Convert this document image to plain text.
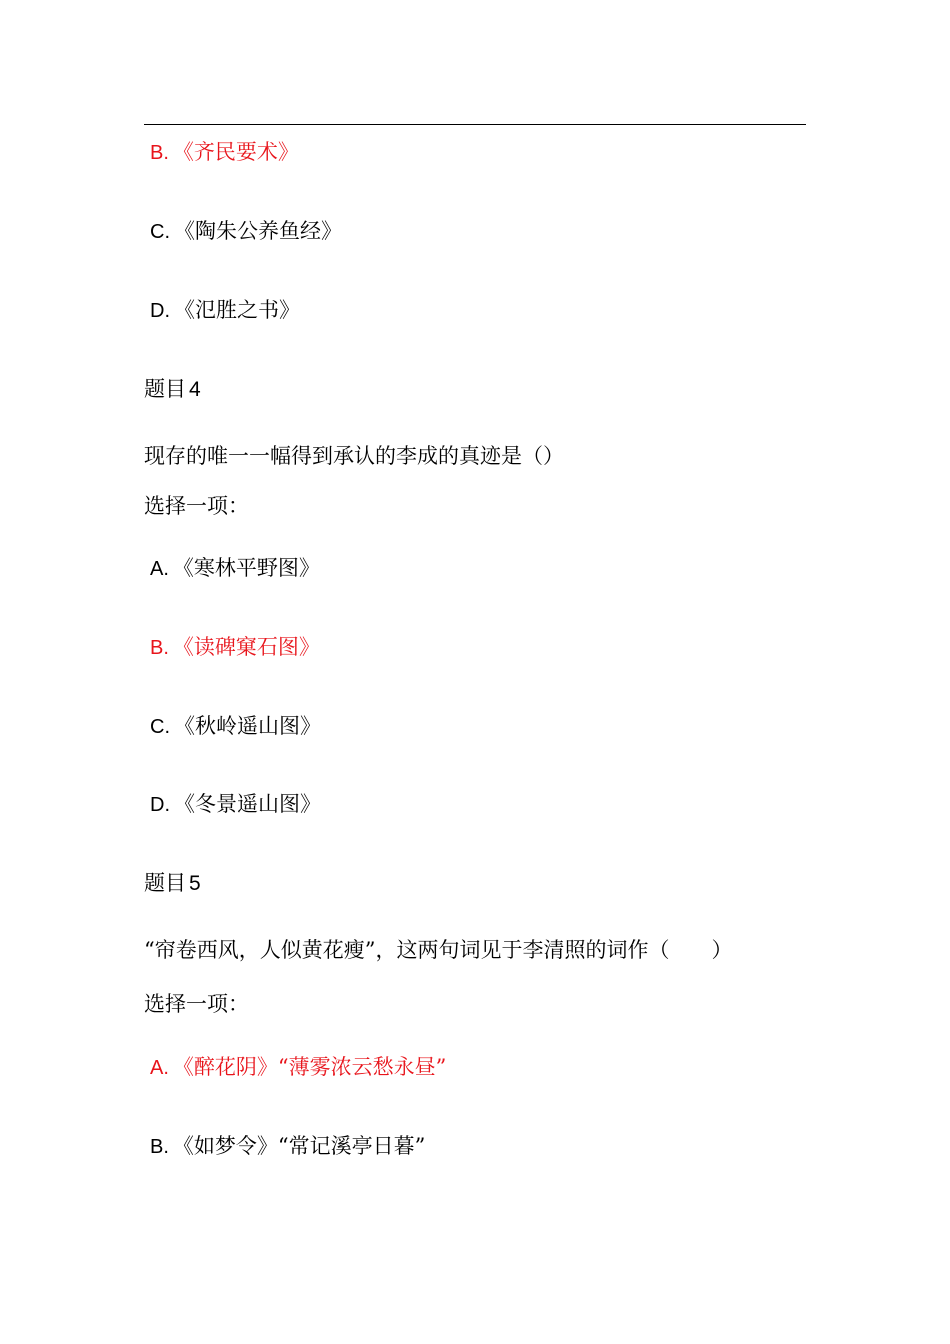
B. 《齐民要术》
C. 《陶朱公养鱼经》
D. 《氾胜之书》
题目 4
现存的唯一一幅得到承认的李成的真迹是（）
选择一项：
A. 《寒林平野图》
B. 《读碑窠石图》
C. 《秋岭遥山图》
D. 《冬景遥山图》
题目 5
“帘卷西风，人似黄花瘦”，这两句词见于李清照的词作（　　）
选择一项：
A. 《醉花阴》“薄雾浓云愁永昼”
B. 《如梦令》“常记溪亭日暮”
